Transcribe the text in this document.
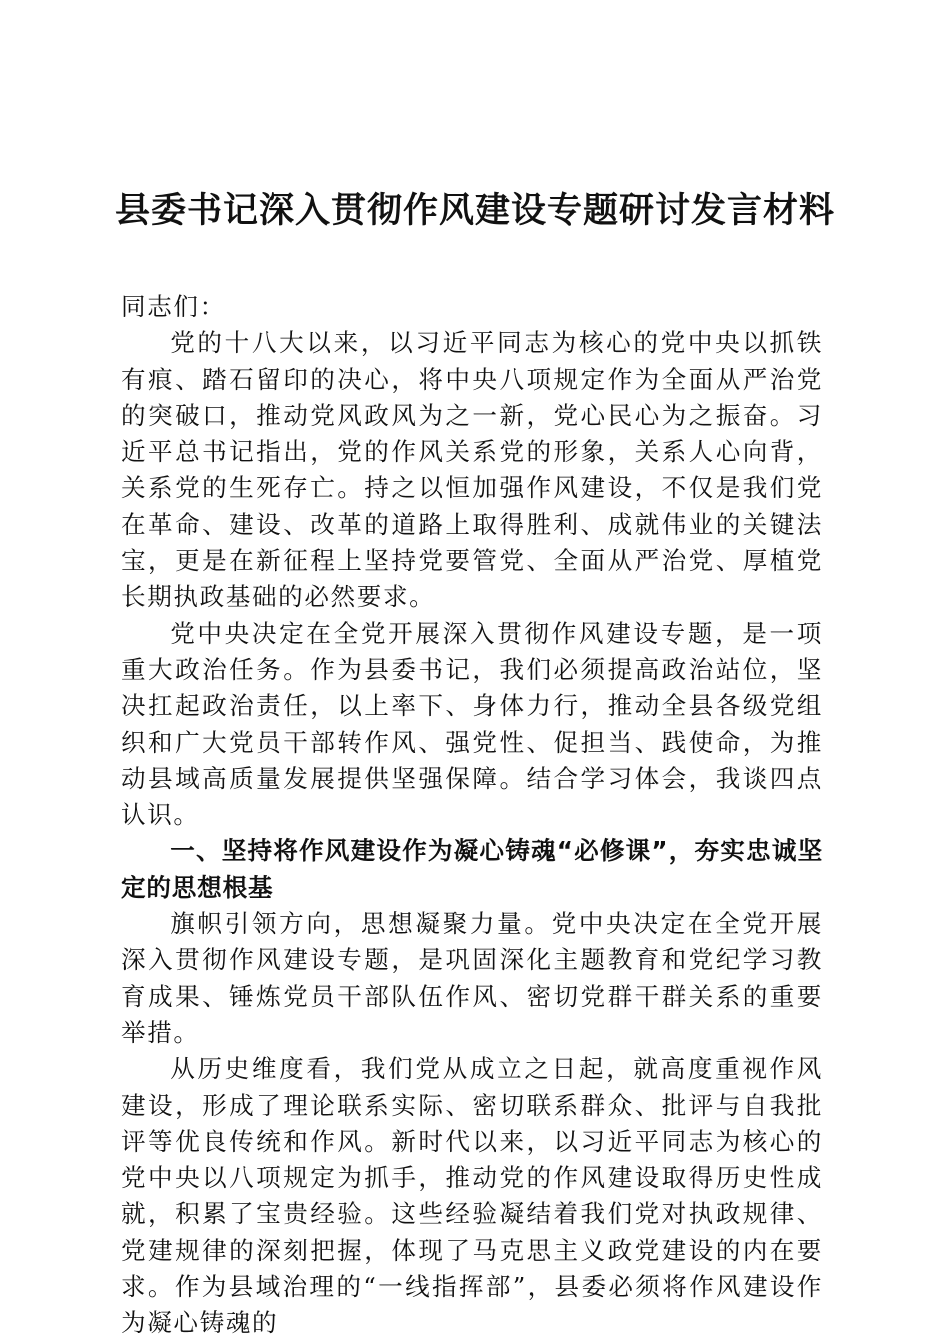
县委书记深入贯彻作风建设专题研讨发言材料

同志们：

党的十八大以来，以习近平同志为核心的党中央以抓铁有痕、踏石留印的决心，将中央八项规定作为全面从严治党的突破口，推动党风政风为之一新，党心民心为之振奋。习近平总书记指出，党的作风关系党的形象，关系人心向背，关系党的生死存亡。持之以恒加强作风建设，不仅是我们党在革命、建设、改革的道路上取得胜利、成就伟业的关键法宝，更是在新征程上坚持党要管党、全面从严治党、厚植党长期执政基础的必然要求。

党中央决定在全党开展深入贯彻作风建设专题，是一项重大政治任务。作为县委书记，我们必须提高政治站位，坚决扛起政治责任，以上率下、身体力行，推动全县各级党组织和广大党员干部转作风、强党性、促担当、践使命，为推动县域高质量发展提供坚强保障。结合学习体会，我谈四点认识。

一、坚持将作风建设作为凝心铸魂“必修课”，夯实忠诚坚定的思想根基

旗帜引领方向，思想凝聚力量。党中央决定在全党开展深入贯彻作风建设专题，是巩固深化主题教育和党纪学习教育成果、锤炼党员干部队伍作风、密切党群干群关系的重要举措。

从历史维度看，我们党从成立之日起，就高度重视作风建设，形成了理论联系实际、密切联系群众、批评与自我批评等优良传统和作风。新时代以来，以习近平同志为核心的党中央以八项规定为抓手，推动党的作风建设取得历史性成就，积累了宝贵经验。这些经验凝结着我们党对执政规律、党建规律的深刻把握，体现了马克思主义政党建设的内在要求。作为县域治理的“一线指挥部”，县委必须将作风建设作为凝心铸魂的
